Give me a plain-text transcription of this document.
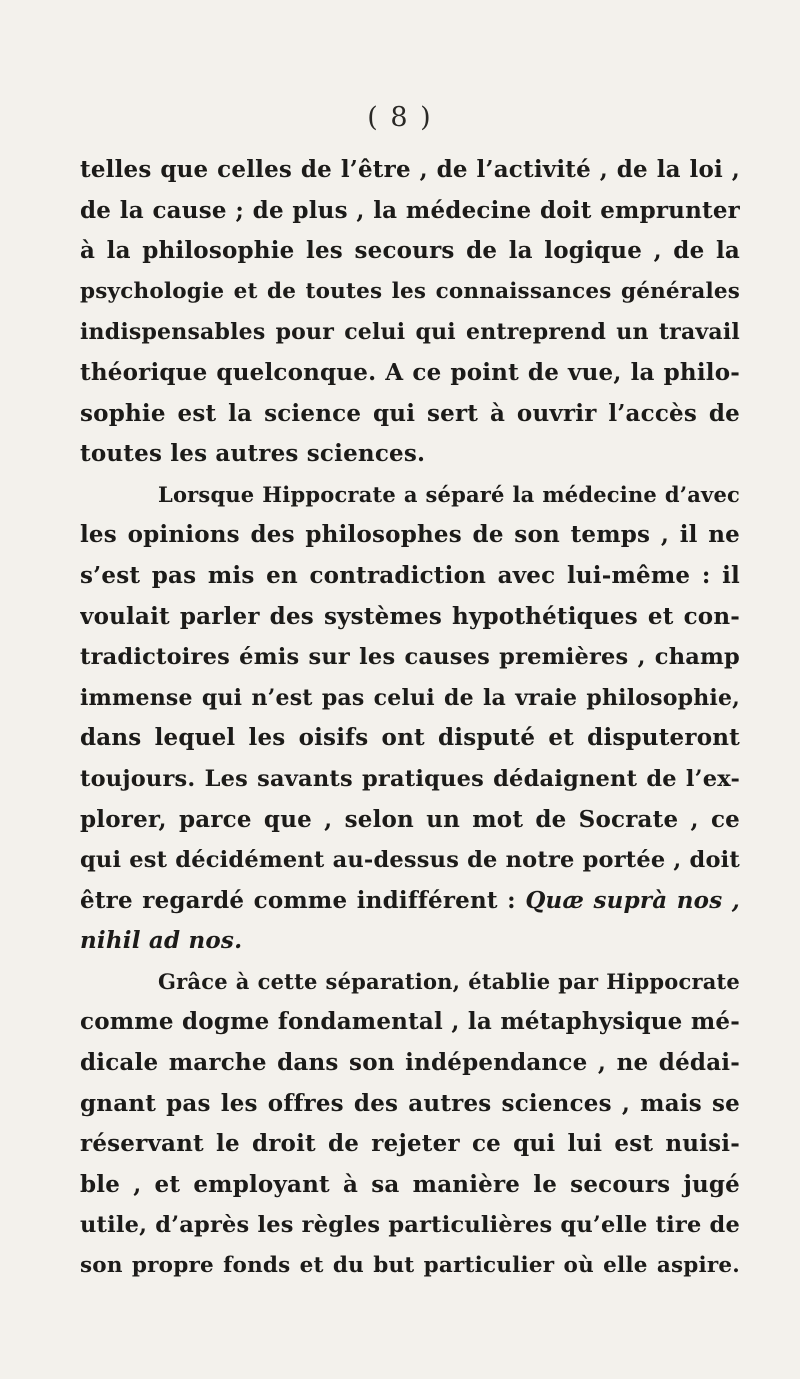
( 8 )
telles que celles de l’être , de l’activité , de la loi ,
de la cause ; de plus , la médecine doit emprunter
à la philosophie les secours de la logique , de la
psychologie et de toutes les connaissances générales
indispensables pour celui qui entreprend un travail
théorique quelconque. A ce point de vue, la philo-
sophie est la science qui sert à ouvrir l’accès de
toutes les autres sciences.
Lorsque Hippocrate a séparé la médecine d’avec
les opinions des philosophes de son temps , il ne
s’est pas mis en contradiction avec lui-même : il
voulait parler des systèmes hypothétiques et con-
tradictoires émis sur les causes premières , champ
immense qui n’est pas celui de la vraie philosophie,
dans lequel les oisifs ont disputé et disputeront
toujours. Les savants pratiques dédaignent de l’ex-
plorer, parce que , selon un mot de Socrate , ce
qui est décidément au-dessus de notre portée , doit
être regardé comme indifférent : Quæ suprà nos ,
nihil ad nos.
Grâce à cette séparation, établie par Hippocrate
comme dogme fondamental , la métaphysique mé-
dicale marche dans son indépendance , ne dédai-
gnant pas les offres des autres sciences , mais se
réservant le droit de rejeter ce qui lui est nuisi-
ble , et employant à sa manière le secours jugé
utile, d’après les règles particulières qu’elle tire de
son propre fonds et du but particulier où elle aspire.
